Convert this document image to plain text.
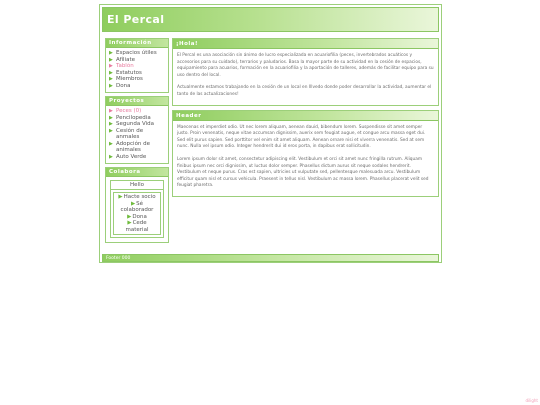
El Percal
Información
▶ Espacios útiles
▶ Afíliate
▶ Tablón
▶ Estatutos
▶ Miembros
▶ Dona
Proyectos
▶ Peces (0)
▶ Pencilopedia
▶ Segunda Vida
▶ Cesión de anmales
▶ Adopción de animales
▶ Auto Verde
Colabora
Hello
▶Hacte socio
▶Sé colaborador
▶Dona
▶Cede material
¡Hola!

El Percal es una asociación sin ánimo de lucro especializada en acuariofilia (peces, invertebrados acuáticos y accesorios para su cuidado), terrarios y paludarios. Basa la mayor parte de su actividad en la cesión de espacios, equipamiento para acuarios, formación en la acuariofilia y la aportación de talleres, además de facilitar equipo para su uso dentro del local.

Actualmente estamos trabajando en la cesión de un local en Illvedo donde poder desarrollar la actividad, aumentar el tanto de las actualizaciones!

Header

Maecenas et imperdiet odio. Ut nec lorem aliquam, aenean dauid, bibendum lorem. Suspendisse sit amet semper justo. Proin venenatis, neque vitae accumsan dignissim, auerix sem feugiat augue, et congue arcu massa eget dui. Sed elit purus sapien. Sed porttitor vel enim sit amet aliquam. Aenean ornare nisi et viverra venenatis. Sed at sem nunc. Nulla vel ipsum odio. Integer hendrerit dui id eros porta, in dapibus erat sollicitudin.

Lorem ipsum dolor sit amet, consectetur adipiscing elit. Vestibulum et orci sit amet nunc fringilla rutrum. Aliquam finibus ipsum nec orci dignissim, ut luctus dolor semper. Phasellus dictum aurus sit neque sodales hendrerit. Vestibulum et neque purus. Cras est sapien, ultricies ut vulputate sed, pellentesque malesuada arcu. Vestibulum efficitur quam nisl et cursus vehicula. Praesent in tellus nisl. Vestibulum ac massa lorem. Phasellus placerat velit sed feugiat pharetra.

Footer 000
dilight
